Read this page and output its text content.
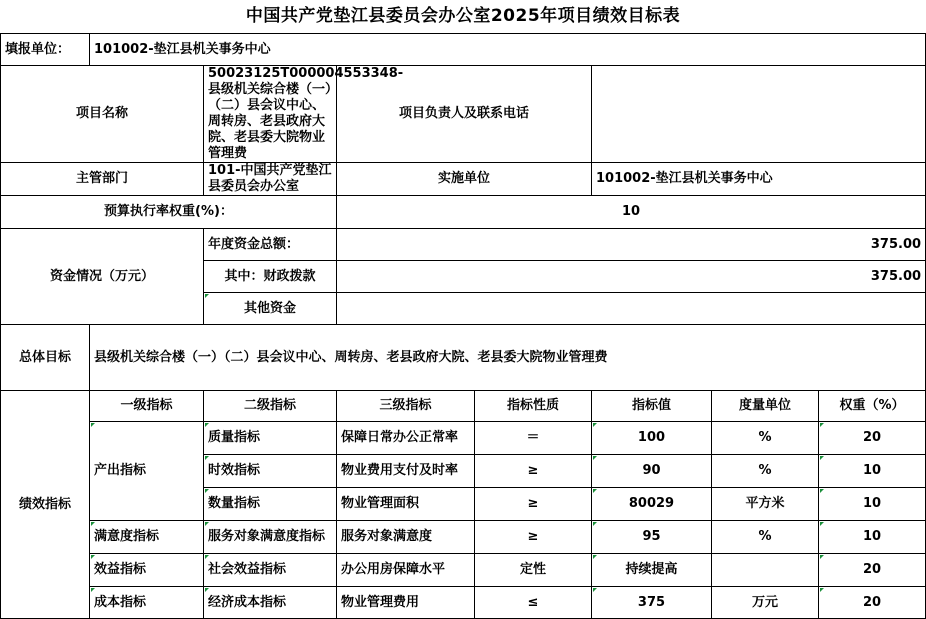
中国共产党垫江县委员会办公室2025年项目绩效目标表
填报单位：	101002-垫江县机关事务中心						
项目名称		50023125T000004553348-县级机关综合楼（一）（二）县会议中心、周转房、老县政府大院、老县委大院物业管理费	项目负责人及联系电话				
主管部门		101-中国共产党垫江县委员会办公室	实施单位		101002-垫江县机关事务中心		
预算执行率权重(%)：			10				
资金情况（万元）		年度资金总额：	375.00				
		其中：财政拨款	375.00				
		其他资金					
总体目标	县级机关综合楼（一）（二）县会议中心、周转房、老县政府大院、老县委大院物业管理费						
绩效指标	一级指标	二级指标	三级指标	指标性质	指标值	度量单位	权重（%）
	产出指标	质量指标	保障日常办公正常率	＝	100	%	20
		时效指标	物业费用支付及时率	≥	90	%	10
		数量指标	物业管理面积	≥	80029	平方米	10
	满意度指标	服务对象满意度指标	服务对象满意度	≥	95	%	10
	效益指标	社会效益指标	办公用房保障水平	定性	持续提高		20
	成本指标	经济成本指标	物业管理费用	≤	375	万元	20
